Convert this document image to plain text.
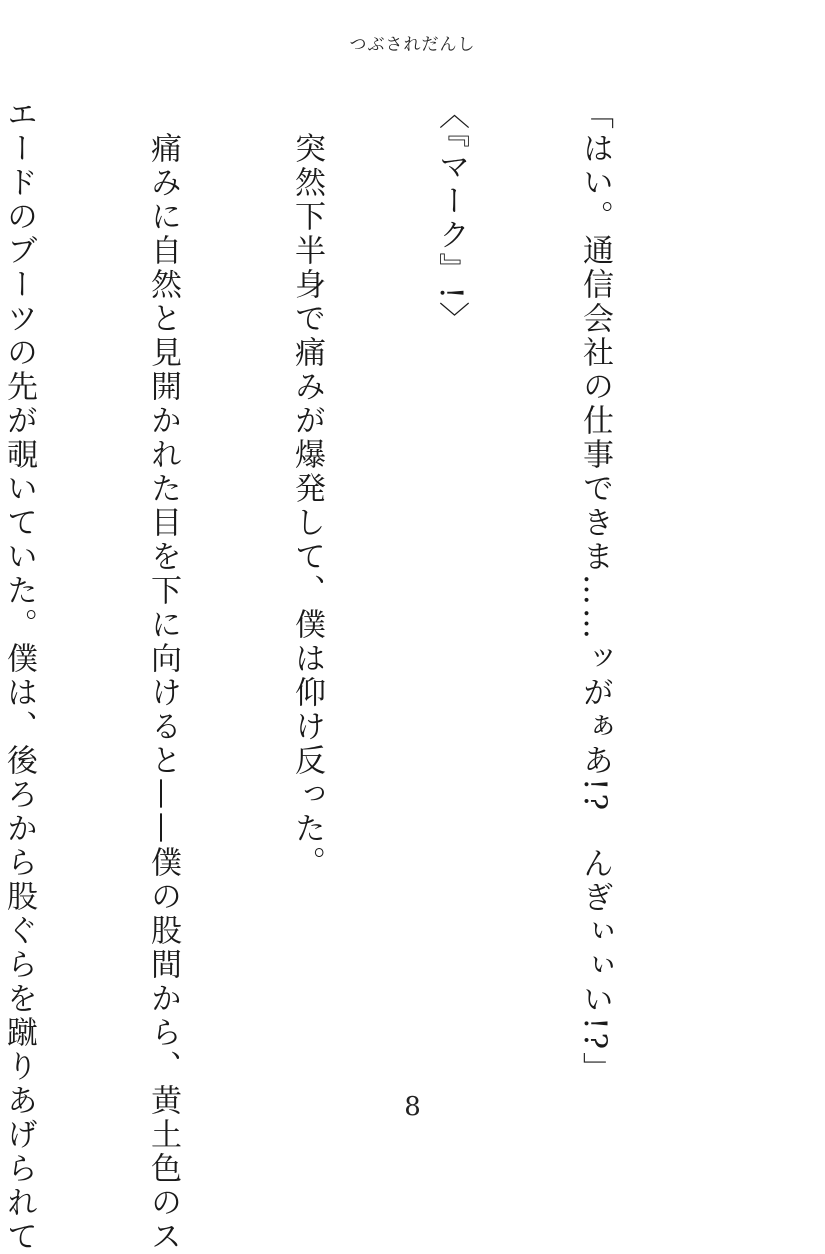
つぶされだんし

「はい。通信会社の仕事できま……ッがぁあ!?　んぎぃぃい!?」

〈『マーク』!〉

　突然下半身で痛みが爆発して、僕は仰け反った。

　痛みに自然と見開かれた目を下に向けると——僕の股間から、黄土色のス

エードのブーツの先が覗いていた。僕は、後ろから股ぐらを蹴りあげられて

	8
